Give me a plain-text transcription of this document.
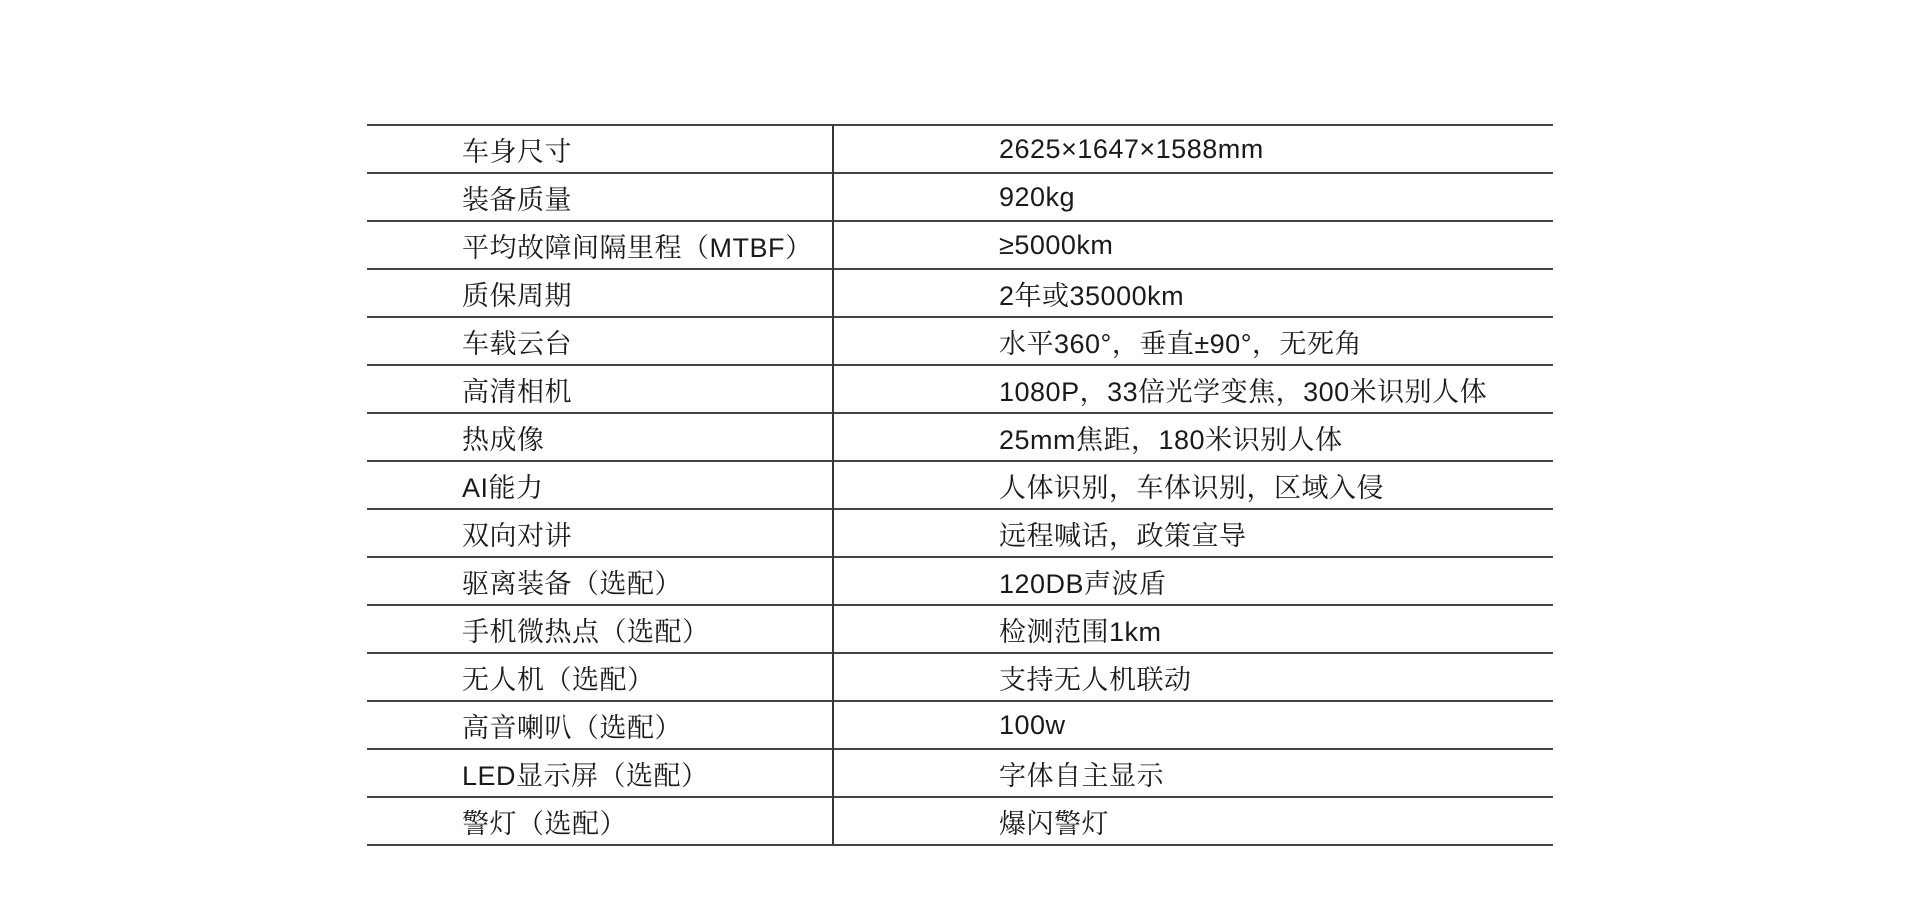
车身尺寸	2625×1647×1588mm
装备质量	920kg
平均故障间隔里程（MTBF）	≥5000km
质保周期	2年或35000km
车载云台	水平360°，垂直±90°，无死角
高清相机	1080P，33倍光学变焦，300米识别人体
热成像	25mm焦距，180米识别人体
AI能力	人体识别，车体识别，区域入侵
双向对讲	远程喊话，政策宣导
驱离装备（选配）	120DB声波盾
手机微热点（选配）	检测范围1km
无人机（选配）	支持无人机联动
高音喇叭（选配）	100w
LED显示屏（选配）	字体自主显示
警灯（选配）	爆闪警灯
